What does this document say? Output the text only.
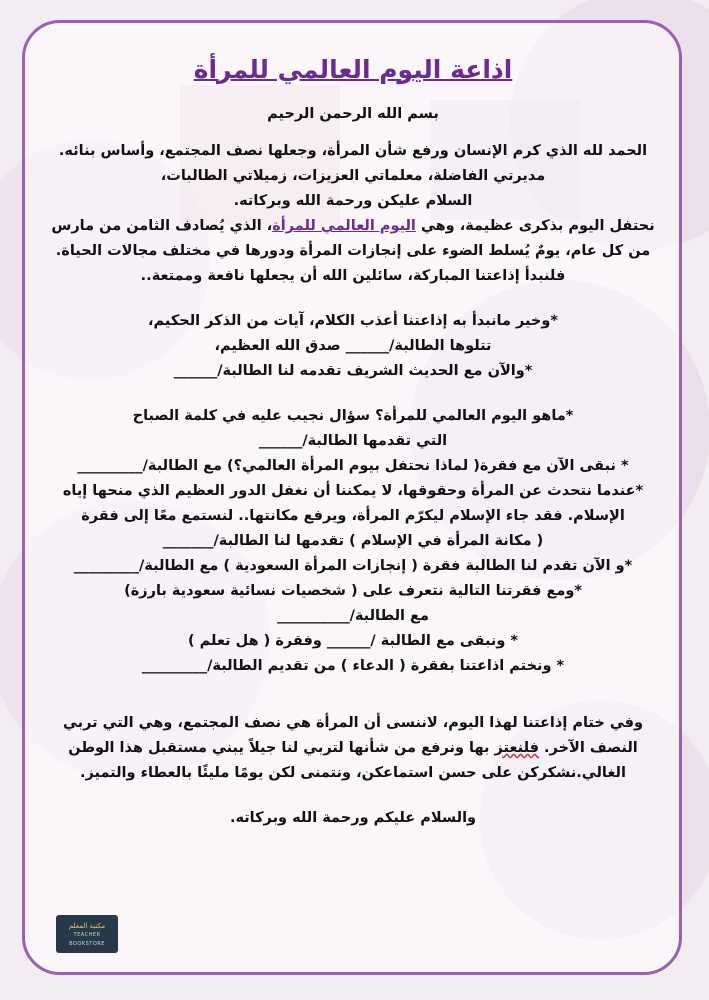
اذاعة اليوم العالمي للمرأة

بسم الله الرحمن الرحيم

الحمد لله الذي كرم الإنسان ورفع شأن المرأة، وجعلها نصف المجتمع، وأساس بنائه.

مديرتي الفاضلة، معلماتي العزيزات، زميلاتي الطالبات،

السلام عليكن ورحمة الله وبركاته.

نحتفل اليوم بذكرى عظيمة، وهي اليوم العالمي للمرأة، الذي يُصادف الثامن من مارس من كل عام، يومٌ يُسلط الضوء على إنجازات المرأة ودورها في مختلف مجالات الحياة. فلنبدأ إذاعتنا المباركة، سائلين الله أن يجعلها نافعة وممتعة..

*وخير مانبدأ به إذاعتنا أعذب الكلام، آيات من الذكر الحكيم،

تتلوها الطالبة/______ صدق الله العظيم،

*والآن مع الحديث الشريف تقدمه لنا الطالبة/______

*ماهو اليوم العالمي للمرأة؟ سؤال نجيب عليه في كلمة الصباح

التي تقدمها الطالبة/______

* نبقى الآن مع فقرة( لماذا نحتفل بيوم المرأة العالمي؟) مع الطالبة/_________

*عندما نتحدث عن المرأة وحقوقها، لا يمكننا أن نغفل الدور العظيم الذي منحها إياه

الإسلام. فقد جاء الإسلام ليكرّم المرأة، ويرفع مكانتها.. لنستمع معًا إلى فقرة

( مكانة المرأة في الإسلام ) تقدمها لنا الطالبة/_______

*و الآن تقدم لنا الطالبة فقرة ( إنجازات المرأة السعودية ) مع الطالبة/_________

*ومع فقرتنا التالية نتعرف على ( شخصيات نسائية سعودية بارزة)

مع الطالبة/__________

* ونبقى مع الطالبة /______ وفقرة ( هل تعلم )

* ونختم اذاعتنا بفقرة ( الدعاء ) من تقديم الطالبة/_________

وفي ختام إذاعتنا لهذا اليوم، لاننسى أن المرأة هي نصف المجتمع، وهي التي تربي

النصف الآخر. فلنعتز بها ونرفع من شأنها لتربي لنا جيلاً يبني مستقبل هذا الوطن

الغالي.نشكركن على حسن استماعكن، ونتمنى لكن يومًا مليئًا بالعطاء والتميز.

والسلام عليكم ورحمة الله وبركاته.

مكتبة المعلم
TEACHER BOOKSTORE
